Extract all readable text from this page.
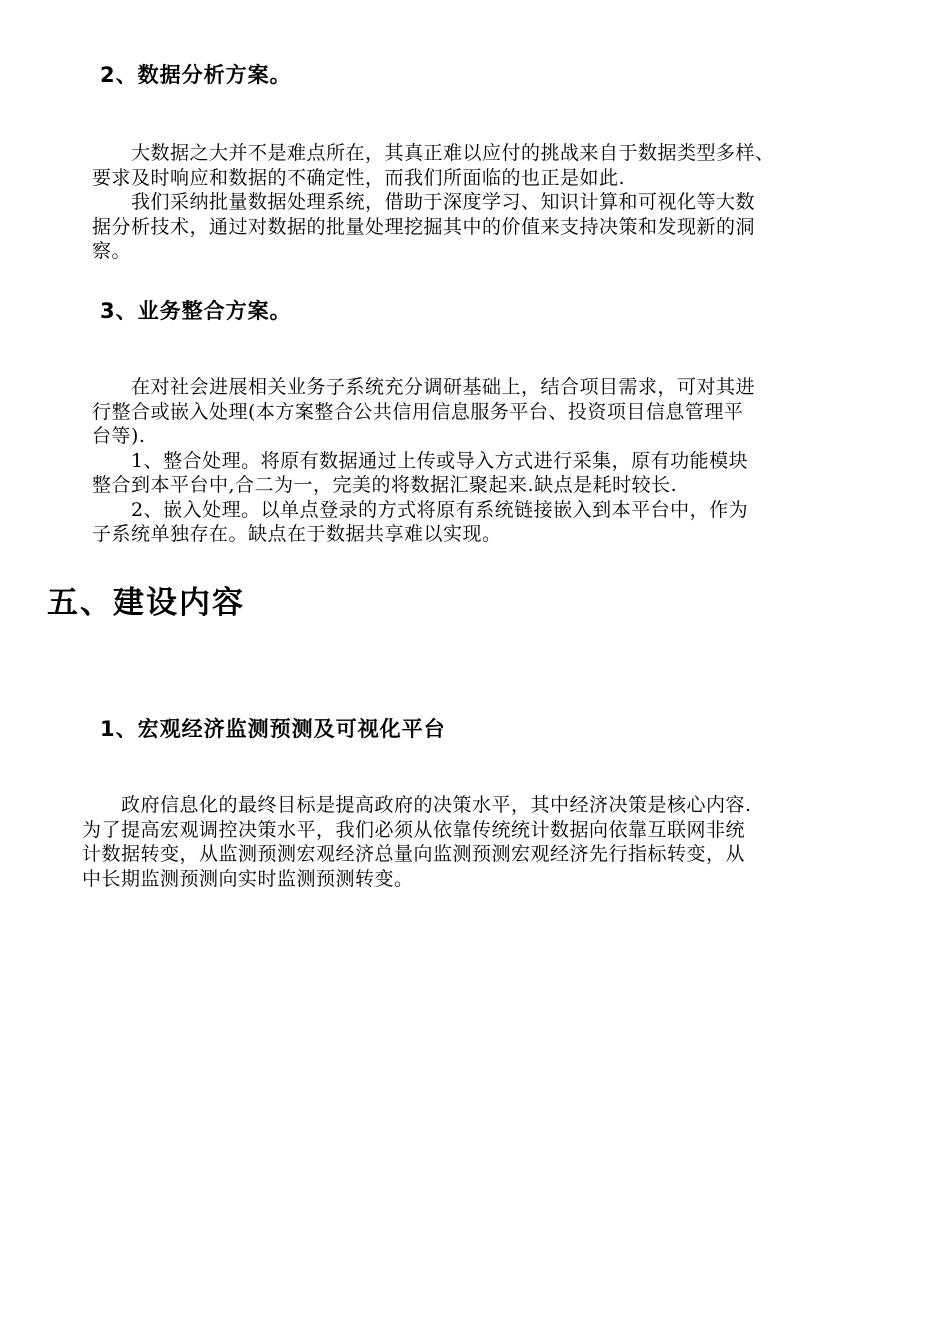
2、数据分析方案。
　　大数据之大并不是难点所在，其真正难以应付的挑战来自于数据类型多样、
要求及时响应和数据的不确定性，而我们所面临的也正是如此.
　　我们采纳批量数据处理系统，借助于深度学习、知识计算和可视化等大数
据分析技术，通过对数据的批量处理挖掘其中的价值来支持决策和发现新的洞
察。
3、业务整合方案。
　　在对社会进展相关业务子系统充分调研基础上，结合项目需求，可对其进
行整合或嵌入处理(本方案整合公共信用信息服务平台、投资项目信息管理平
台等).
　　1、整合处理。将原有数据通过上传或导入方式进行采集，原有功能模块
整合到本平台中,合二为一，完美的将数据汇聚起来.缺点是耗时较长.
　　2、嵌入处理。以单点登录的方式将原有系统链接嵌入到本平台中，作为
子系统单独存在。缺点在于数据共享难以实现。
五、建设内容
1、宏观经济监测预测及可视化平台
　　政府信息化的最终目标是提高政府的决策水平，其中经济决策是核心内容.
为了提高宏观调控决策水平，我们必须从依靠传统统计数据向依靠互联网非统
计数据转变，从监测预测宏观经济总量向监测预测宏观经济先行指标转变，从
中长期监测预测向实时监测预测转变。
